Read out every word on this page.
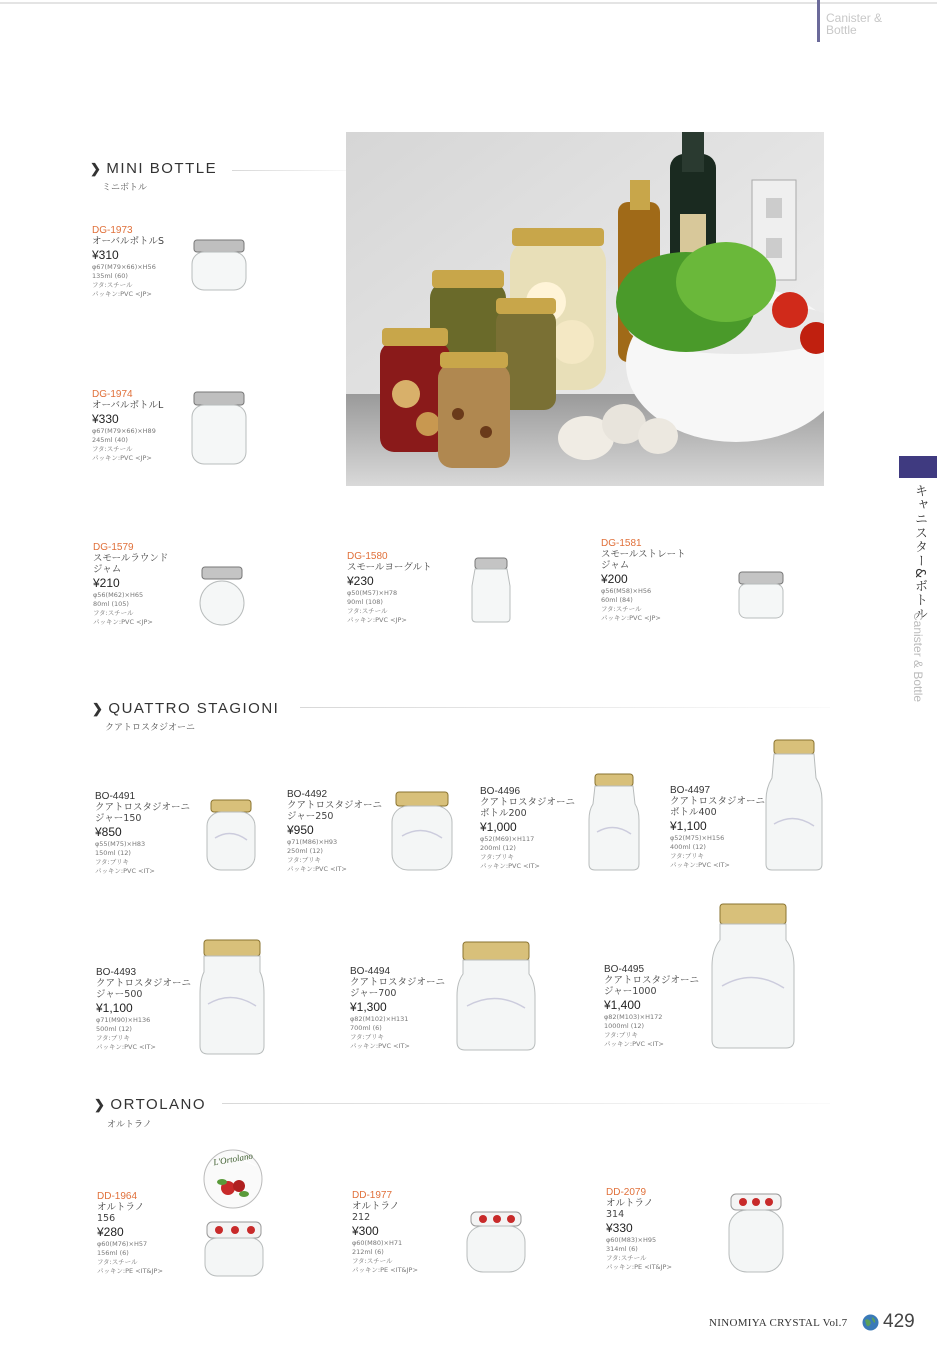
Canister &
Bottle
キャニスター&ボトル
Canister & Bottle
❯ MINI BOTTLE
ミニボトル
DG-1973
オーバルボトルS
¥310
φ67(M79×66)×H56
135ml (60)
フタ:スチール
パッキン:PVC <JP>
DG-1974
オーバルボトルL
¥330
φ67(M79×66)×H89
245ml (40)
フタ:スチール
パッキン:PVC <JP>
DG-1579
スモールラウンド
ジャム
¥210
φ56(M62)×H65
80ml (105)
フタ:スチール
パッキン:PVC <JP>
DG-1580
スモールヨーグルト
¥230
φ50(M57)×H78
90ml (108)
フタ:スチール
パッキン:PVC <JP>
DG-1581
スモールストレート
ジャム
¥200
φ56(M58)×H56
60ml (84)
フタ:スチール
パッキン:PVC <JP>
❯ QUATTRO STAGIONI
クアトロスタジオーニ
BO-4491
クアトロスタジオーニ
ジャー150
¥850
φ55(M75)×H83
150ml (12)
フタ:ブリキ
パッキン:PVC <IT>
BO-4492
クアトロスタジオーニ
ジャー250
¥950
φ71(M86)×H93
250ml (12)
フタ:ブリキ
パッキン:PVC <IT>
BO-4496
クアトロスタジオーニ
ボトル200
¥1,000
φ52(M69)×H117
200ml (12)
フタ:ブリキ
パッキン:PVC <IT>
BO-4497
クアトロスタジオーニ
ボトル400
¥1,100
φ52(M75)×H156
400ml (12)
フタ:ブリキ
パッキン:PVC <IT>
BO-4493
クアトロスタジオーニ
ジャー500
¥1,100
φ71(M90)×H136
500ml (12)
フタ:ブリキ
パッキン:PVC <IT>
BO-4494
クアトロスタジオーニ
ジャー700
¥1,300
φ82(M102)×H131
700ml (6)
フタ:ブリキ
パッキン:PVC <IT>
BO-4495
クアトロスタジオーニ
ジャー1000
¥1,400
φ82(M103)×H172
1000ml (12)
フタ:ブリキ
パッキン:PVC <IT>
❯ ORTOLANO
オルトラノ
L'Ortolano
DD-1964
オルトラノ
156
¥280
φ60(M76)×H57
156ml (6)
フタ:スチール
パッキン:PE <IT&JP>
DD-1977
オルトラノ
212
¥300
φ60(M80)×H71
212ml (6)
フタ:スチール
パッキン:PE <IT&JP>
DD-2079
オルトラノ
314
¥330
φ60(M83)×H95
314ml (6)
フタ:スチール
パッキン:PE <IT&JP>
NINOMIYA CRYSTAL Vol.7 429
